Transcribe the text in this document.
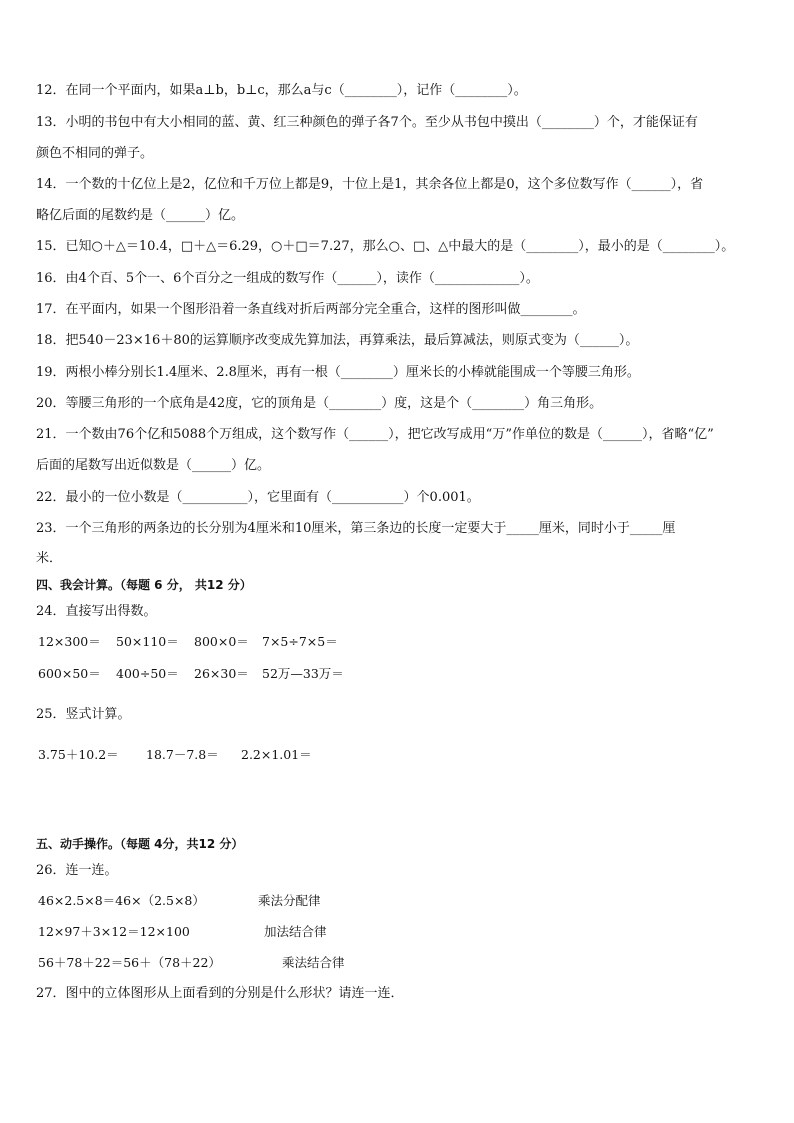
12．在同一个平面内，如果a⊥b，b⊥c，那么a与c（________），记作（________）。
13．小明的书包中有大小相同的蓝、黄、红三种颜色的弹子各7个。至少从书包中摸出（________）个，才能保证有
颜色不相同的弹子。
14．一个数的十亿位上是2，亿位和千万位上都是9，十位上是1，其余各位上都是0，这个多位数写作（______），省
略亿后面的尾数约是（______）亿。
15．已知○＋△＝10.4，□＋△＝6.29，○＋□＝7.27，那么○、□、△中最大的是（________），最小的是（________）。
16．由4个百、5个一、6个百分之一组成的数写作（______），读作（_____________）。
17．在平面内，如果一个图形沿着一条直线对折后两部分完全重合，这样的图形叫做________。
18．把540－23×16＋80的运算顺序改变成先算加法，再算乘法，最后算减法，则原式变为（______）。
19．两根小棒分别长1.4厘米、2.8厘米，再有一根（________）厘米长的小棒就能围成一个等腰三角形。
20．等腰三角形的一个底角是42度，它的顶角是（________）度，这是个（________）角三角形。
21．一个数由76个亿和5088个万组成，这个数写作（______），把它改写成用“万”作单位的数是（______），省略“亿”
后面的尾数写出近似数是（______）亿。
22．最小的一位小数是（__________），它里面有（___________）个0.001。
23．一个三角形的两条边的长分别为4厘米和10厘米，第三条边的长度一定要大于_____厘米，同时小于_____厘
米．
四、我会计算。（每题 6 分， 共12 分）
24．直接写出得数。
12×300＝ 50×110＝ 800×0＝ 7×5÷7×5＝
600×50＝ 400÷50＝ 26×30＝ 52万—33万＝
25．竖式计算。
3.75＋10.2＝ 18.7－7.8＝ 2.2×1.01＝
五、动手操作。（每题 4分，共12 分）
26．连一连。
46×2.5×8＝46×（2.5×8）	乘法分配律
12×97＋3×12＝12×100	加法结合律
56＋78＋22＝56＋（78＋22）	乘法结合律
27．图中的立体图形从上面看到的分别是什么形状？请连一连．
